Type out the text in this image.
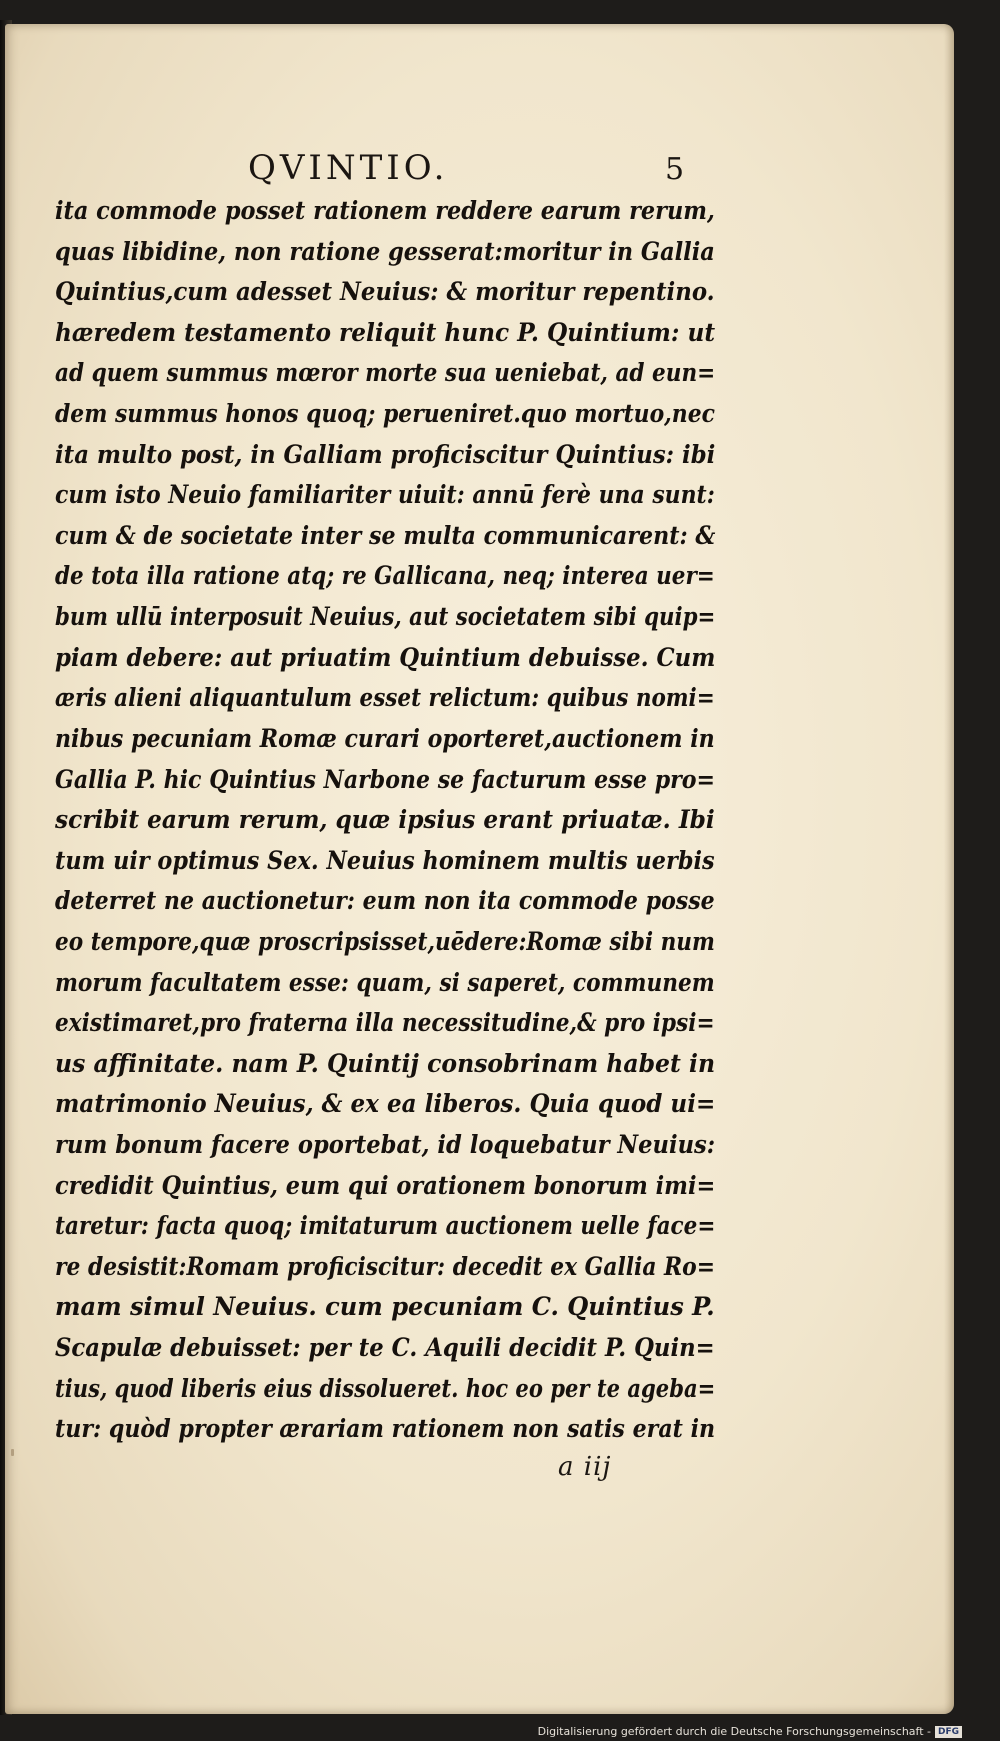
QVINTIO.	5
ita commode posset rationem reddere earum rerum,
quas libidine, non ratione gesserat:moritur in Gallia
Quintius,cum adesset Neuius: & moritur repentino.
hæredem testamento reliquit hunc P. Quintium: ut
ad quem summus mœror morte sua ueniebat, ad eun=
dem summus honos quoq; perueniret.quo mortuo,nec
ita multo post, in Galliam proficiscitur Quintius: ibi
cum isto Neuio familiariter uiuit: annū ferè una sunt:
cum & de societate inter se multa communicarent: &
de tota illa ratione atq; re Gallicana, neq; interea uer=
bum ullū interposuit Neuius, aut societatem sibi quip=
piam debere: aut priuatim Quintium debuisse. Cum
æris alieni aliquantulum esset relictum: quibus nomi=
nibus pecuniam Romæ curari oporteret,auctionem in
Gallia P. hic Quintius Narbone se facturum esse pro=
scribit earum rerum, quæ ipsius erant priuatæ. Ibi
tum uir optimus Sex. Neuius hominem multis uerbis
deterret ne auctionetur: eum non ita commode posse
eo tempore,quæ proscripsisset,uēdere:Romæ sibi num
morum facultatem esse: quam, si saperet, communem
existimaret,pro fraterna illa necessitudine,& pro ipsi=
us affinitate. nam P. Quintij consobrinam habet in
matrimonio Neuius, & ex ea liberos. Quia quod ui=
rum bonum facere oportebat, id loquebatur Neuius:
credidit Quintius, eum qui orationem bonorum imi=
taretur: facta quoq; imitaturum auctionem uelle face=
re desistit:Romam proficiscitur: decedit ex Gallia Ro=
mam simul Neuius. cum pecuniam C. Quintius P.
Scapulæ debuisset: per te C. Aquili decidit P. Quin=
tius, quod liberis eius dissolueret. hoc eo per te ageba=
tur: quòd propter ærariam rationem non satis erat in
a iij
Digitalisierung gefördert durch die Deutsche Forschungsgemeinschaft - DFG
